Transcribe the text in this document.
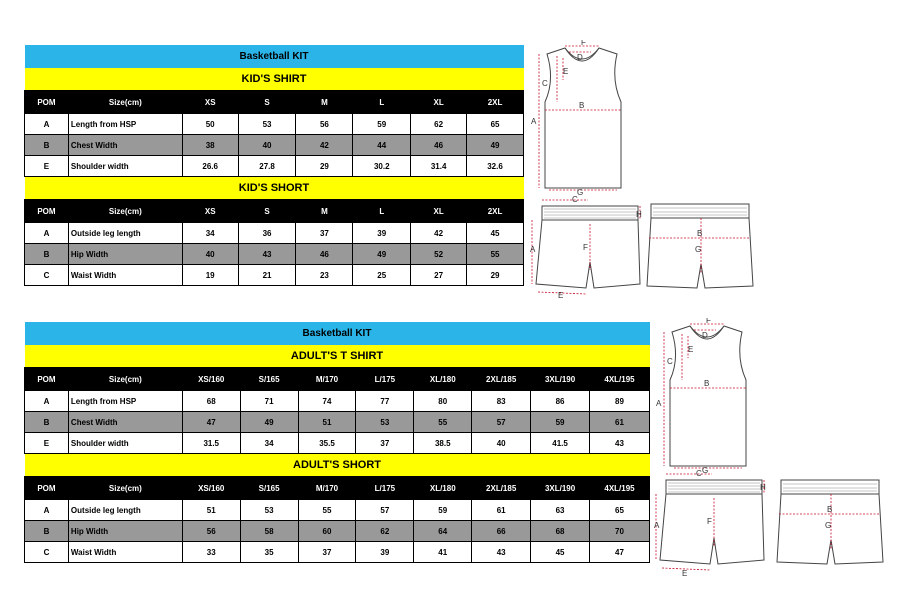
Basketball KIT							
KID'S SHIRT							
POM	Size(cm)	XS	S	M	L	XL	2XL
A	Length from HSP	50	53	56	59	62	65
B	Chest Width	38	40	42	44	46	49
E	Shoulder width	26.6	27.8	29	30.2	31.4	32.6
KID'S SHORT							
POM	Size(cm)	XS	S	M	L	XL	2XL
A	Outside leg length	34	36	37	39	42	45
B	Hip Width	40	43	46	49	52	55
C	Waist Width	19	21	23	25	27	29
Basketball KIT									
ADULT'S T SHIRT									
POM	Size(cm)	XS/160	S/165	M/170	L/175	XL/180	2XL/185	3XL/190	4XL/195
A	Length from HSP	68	71	74	77	80	83	86	89
B	Chest Width	47	49	51	53	55	57	59	61
E	Shoulder width	31.5	34	35.5	37	38.5	40	41.5	43
ADULT'S SHORT									
POM	Size(cm)	XS/160	S/165	M/170	L/175	XL/180	2XL/185	3XL/190	4XL/195
A	Outside leg length	51	53	55	57	59	61	63	65
B	Hip Width	56	58	60	62	64	66	68	70
C	Waist Width	33	35	37	39	41	43	45	47
A
B
C
D
E
F
G
C
A	F
E
H
B
G
A
B
C
D
E
F
G
C
A	F
E
H
B
G
